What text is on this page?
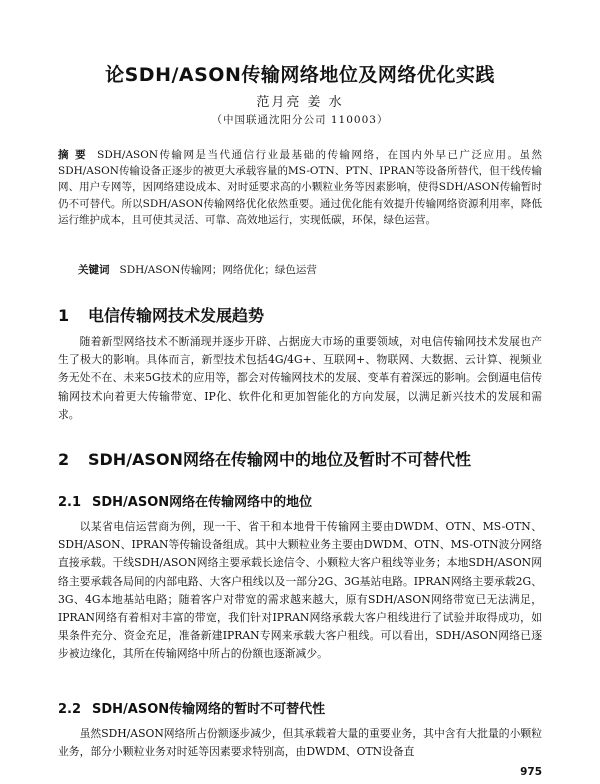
论SDH/ASON传输网络地位及网络优化实践
范月亮 姜 水
（中国联通沈阳分公司 110003）
摘 要 SDH/ASON传输网是当代通信行业最基础的传输网络，在国内外早已广泛应用。虽然SDH/ASON传输设备正逐步的被更大承载容量的MS-OTN、PTN、IPRAN等设备所替代，但干线传输网、用户专网等，因网络建设成本、对时延要求高的小颗粒业务等因素影响，使得SDH/ASON传输暂时仍不可替代。所以SDH/ASON传输网络优化依然重要。通过优化能有效提升传输网络资源利用率，降低运行维护成本，且可使其灵活、可靠、高效地运行，实现低碳，环保，绿色运营。
关键词 SDH/ASON传输网；网络优化；绿色运营
1 电信传输网技术发展趋势
随着新型网络技术不断涌现并逐步开辟、占据庞大市场的重要领域，对电信传输网技术发展也产生了极大的影响。具体而言，新型技术包括4G/4G+、互联网+、物联网、大数据、云计算、视频业务无处不在、未来5G技术的应用等，都会对传输网技术的发展、变革有着深远的影响。会倒逼电信传输网技术向着更大传输带宽、IP化、软件化和更加智能化的方向发展，以满足新兴技术的发展和需求。
2 SDH/ASON网络在传输网中的地位及暂时不可替代性
2.1 SDH/ASON网络在传输网络中的地位
以某省电信运营商为例，现一干、省干和本地骨干传输网主要由DWDM、OTN、MS-OTN、SDH/ASON、IPRAN等传输设备组成。其中大颗粒业务主要由DWDM、OTN、MS-OTN波分网络直接承载。干线SDH/ASON网络主要承载长途信令、小颗粒大客户租线等业务；本地SDH/ASON网络主要承载各局间的内部电路、大客户租线以及一部分2G、3G基站电路。IPRAN网络主要承载2G、3G、4G本地基站电路；随着客户对带宽的需求越来越大，原有SDH/ASON网络带宽已无法满足，IPRAN网络有着相对丰富的带宽，我们针对IPRAN网络承载大客户租线进行了试验并取得成功，如果条件充分、资金充足，准备新建IPRAN专网来承载大客户租线。可以看出，SDH/ASON网络已逐步被边缘化，其所在传输网络中所占的份额也逐渐减少。
2.2 SDH/ASON传输网络的暂时不可替代性
虽然SDH/ASON网络所占份额逐步减少，但其承载着大量的重要业务，其中含有大批量的小颗粒业务，部分小颗粒业务对时延等因素要求特别高，由DWDM、OTN设备直
975
